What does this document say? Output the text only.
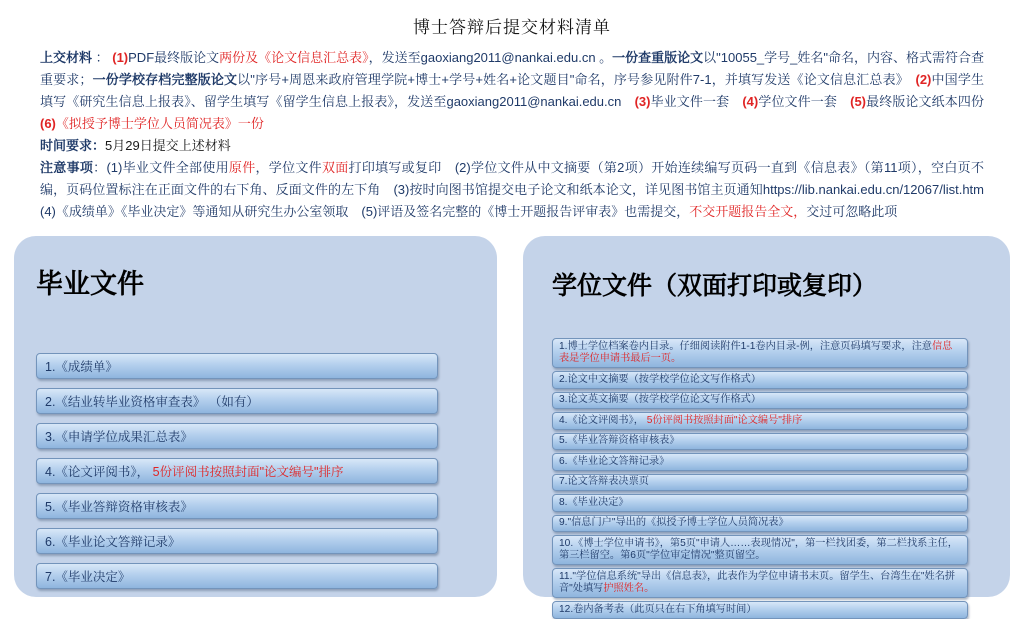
博士答辩后提交材料清单

上交材料 ： (1)PDF最终版论文两份及《论文信息汇总表》，发送至gaoxiang2011@nankai.edu.cn 。一份查重版论文以"10055_学号_姓名"命名，内容、格式需符合查重要求；一份学校存档完整版论文以"序号+周恩来政府管理学院+博士+学号+姓名+论文题目"命名，序号参见附件7-1，并填写发送《论文信息汇总表》　(2)中国学生填写《研究生信息上报表》、留学生填写《留学生信息上报表》，发送至gaoxiang2011@nankai.edu.cn　(3)毕业文件一套　(4)学位文件一套　(5)最终版论文纸本四份　(6)《拟授予博士学位人员简况表》一份

时间要求：5月29日提交上述材料

注意事项：(1)毕业文件全部使用原件，学位文件双面打印填写或复印　(2)学位文件从中文摘要（第2项）开始连续编写页码一直到《信息表》（第11项），空白页不编，页码位置标注在正面文件的右下角、反面文件的左下角　(3)按时向图书馆提交电子论文和纸本论文，详见图书馆主页通知https://lib.nankai.edu.cn/12067/list.htm　(4)《成绩单》《毕业决定》等通知从研究生办公室领取　(5)评语及签名完整的《博士开题报告评审表》也需提交，不交开题报告全文，交过可忽略此项

毕业文件
1.《成绩单》
2.《结业转毕业资格审查表》 （如有）
3.《申请学位成果汇总表》
4.《论文评阅书》， 5份评阅书按照封面"论文编号"排序
5.《毕业答辩资格审核表》
6.《毕业论文答辩记录》
7.《毕业决定》
学位文件（双面打印或复印）
1.博士学位档案卷内目录。仔细阅读附件1-1卷内目录-例，注意页码填写要求，注意信息表是学位申请书最后一页。
2.论文中文摘要（按学校学位论文写作格式）
3.论文英文摘要（按学校学位论文写作格式）
4.《论文评阅书》， 5份评阅书按照封面"论文编号"排序
5.《毕业答辩资格审核表》
6.《毕业论文答辩记录》
7.论文答辩表决票页
8.《毕业决定》
9."信息门户"导出的《拟授予博士学位人员简况表》
10.《博士学位申请书》，第5页"申请人……表现情况"，第一栏找团委，第二栏找系主任，第三栏留空。第6页"学位审定情况"整页留空。
11."学位信息系统"导出《信息表》，此表作为学位申请书末页。留学生、台湾生在"姓名拼音"处填写护照姓名。
12.卷内备考表（此页只在右下角填写时间）
